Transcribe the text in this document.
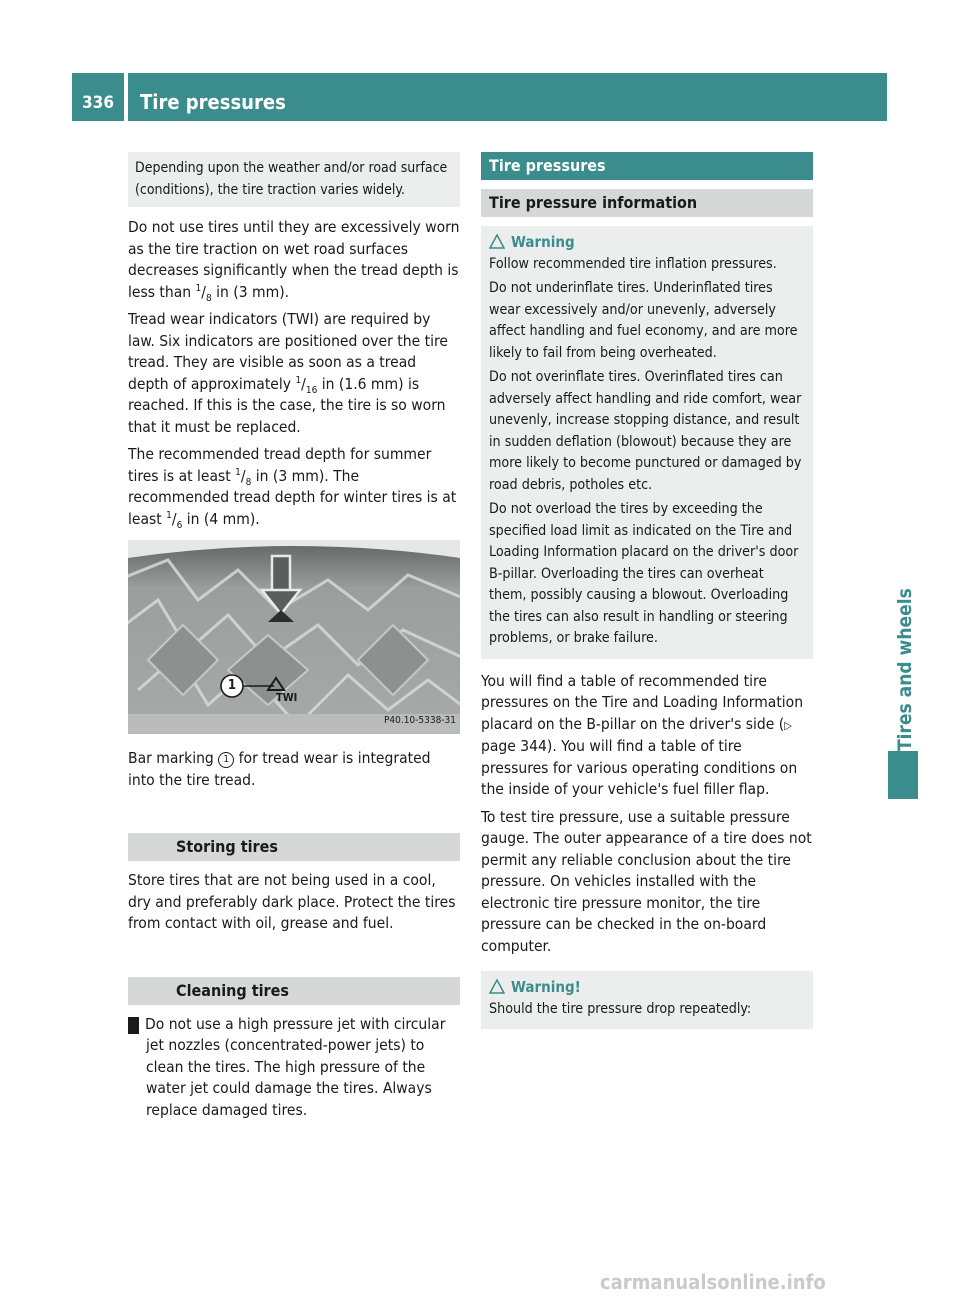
336	Tire pressures
Tires and wheels
Depending upon the weather and/or road surface (conditions), the tire traction varies widely.

Do not use tires until they are excessively worn as the tire traction on wet road surfaces decreases significantly when the tread depth is less than $^1/_8$ in (3 mm).

Tread wear indicators (TWI) are required by law. Six indicators are positioned over the tire tread. They are visible as soon as a tread depth of approximately $^1/_{16}$ in (1.6 mm) is reached. If this is the case, the tire is so worn that it must be replaced.

The recommended tread depth for summer tires is at least $^1/_8$ in (3 mm). The recommended tread depth for winter tires is at least $^1/_6$ in (4 mm).

1
TWI
P40.10-5338-31

Bar marking 1 for tread wear is integrated into the tire tread.

Storing tires

Store tires that are not being used in a cool, dry and preferably dark place. Protect the tires from contact with oil, grease and fuel.

Cleaning tires

! Do not use a high pressure jet with circular jet nozzles (concentrated-power jets) to clean the tires. The high pressure of the water jet could damage the tires. Always replace damaged tires.

Tire pressures
Tire pressure information
Warning

Follow recommended tire inflation pressures.

Do not underinflate tires. Underinflated tires wear excessively and/or unevenly, adversely affect handling and fuel economy, and are more likely to fail from being overheated.

Do not overinflate tires. Overinflated tires can adversely affect handling and ride comfort, wear unevenly, increase stopping distance, and result in sudden deflation (blowout) because they are more likely to become punctured or damaged by road debris, potholes etc.

Do not overload the tires by exceeding the specified load limit as indicated on the Tire and Loading Information placard on the driver's door B-pillar. Overloading the tires can overheat them, possibly causing a blowout. Overloading the tires can also result in handling or steering problems, or brake failure.

You will find a table of recommended tire pressures on the Tire and Loading Information placard on the B-pillar on the driver's side (▷ page 344). You will find a table of tire pressures for various operating conditions on the inside of your vehicle's fuel filler flap.

To test tire pressure, use a suitable pressure gauge. The outer appearance of a tire does not permit any reliable conclusion about the tire pressure. On vehicles installed with the electronic tire pressure monitor, the tire pressure can be checked in the on-board computer.

Warning!

Should the tire pressure drop repeatedly:

carmanualsonline.info
